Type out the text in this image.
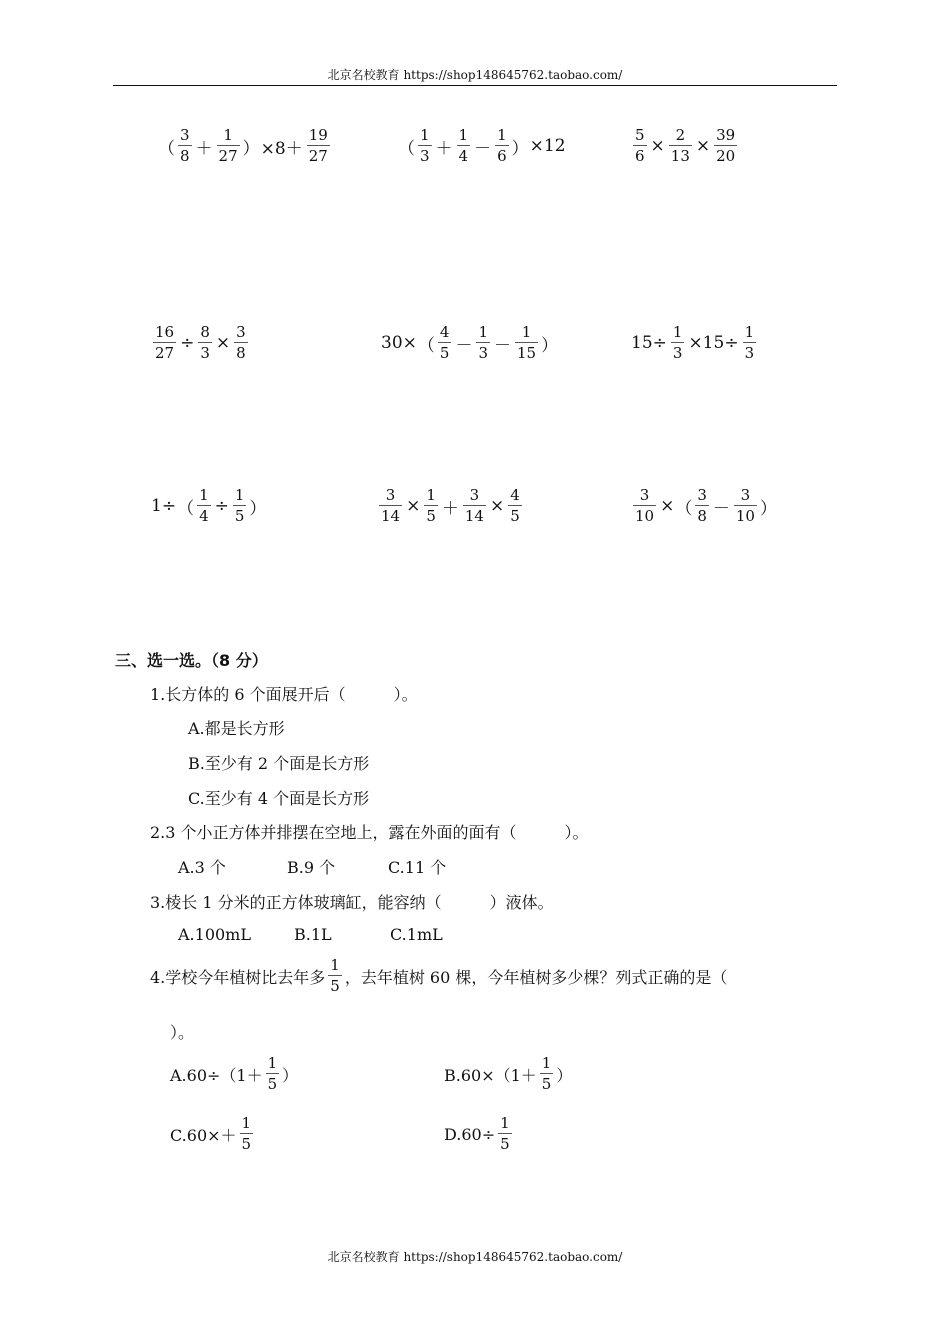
北京名校教育 https://shop148645762.taobao.com/
（ $\frac{3}{8} + \frac{1}{27}$ ） $\times 8+ \frac{19}{27}$	（ $\frac{1}{3} + \frac{1}{4} - \frac{1}{6}$ ） ×12	$\frac{5}{6} \times \frac{2}{13} \times \frac{39}{20}$
$\frac{16}{27} \div \frac{8}{3} \times \frac{3}{8}$	30× （ $\frac{4}{5} - \frac{1}{3} - \frac{1}{15}$ ）	$15\div \frac{1}{3} \times 15\div \frac{1}{3}$
1÷ （ $\frac{1}{4} \div \frac{1}{5}$ ）	$\frac{3}{14} \times \frac{1}{5} + \frac{3}{14} \times \frac{4}{5}$	$\frac{3}{10}$ × （ $\frac{3}{8} - \frac{3}{10}$ ）
三、选一选。（8 分）
1.长方体的 6 个面展开后（　　　）。
A.都是长方形
B.至少有 2 个面是长方形
C.至少有 4 个面是长方形
2.3 个小正方体并排摆在空地上，露在外面的面有（　　　）。
A.3 个	B.9 个	C.11 个
3.棱长 1 分米的正方体玻璃缸，能容纳（　　　）液体。
A.100mL	B.1L	C.1mL
4.学校今年植树比去年多 $\frac{1}{5}$ ，去年植树 60 棵，今年植树多少棵？列式正确的是（
）。
$A.60\div(1+ \frac{1}{5}$ ）	$B.60\times(1+ \frac{1}{5}$ ）
$C.60\times+ \frac{1}{5}$	$D.60\div \frac{1}{5}$
北京名校教育 https://shop148645762.taobao.com/
